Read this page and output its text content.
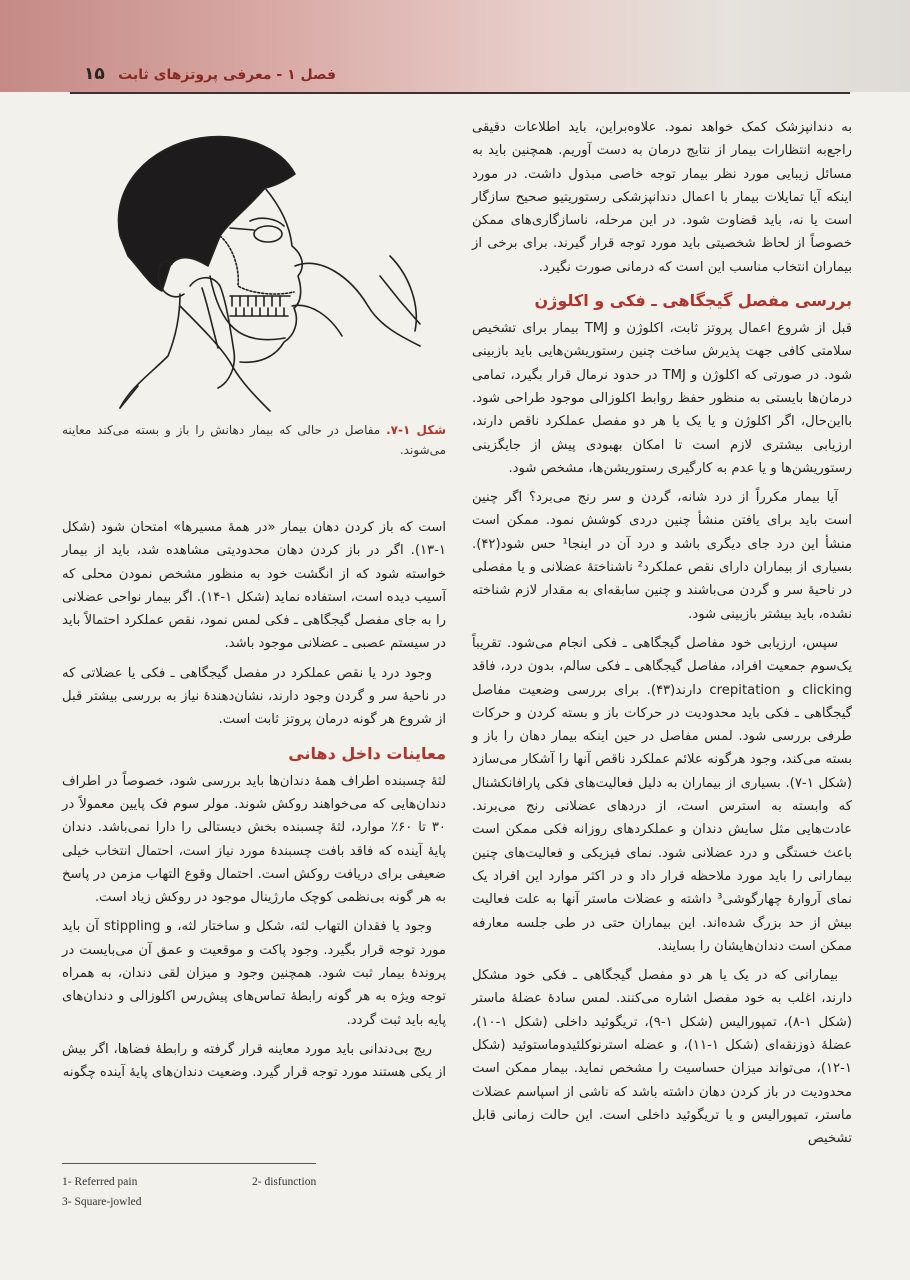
۱۵ فصل ۱ - معرفی پروتزهای ثابت
شکل ۱-۷. مفاصل در حالی که بیمار دهانش را باز و بسته می‌کند معاینه می‌شوند.

به دندانپزشک کمک خواهد نمود. علاوه‌براین، باید اطلاعات دقیقی راجع‌به انتظارات بیمار از نتایج درمان به دست آوریم. همچنین باید به مسائل زیبایی مورد نظر بیمار توجه خاصی مبذول داشت. در مورد اینکه آیا تمایلات بیمار با اعمال دندانپزشکی رستوریتیو صحیح سازگار است یا نه، باید قضاوت شود. در این مرحله، ناسازگاری‌های ممکن خصوصاً از لحاظ شخصیتی باید مورد توجه قرار گیرند. برای برخی از بیماران انتخاب مناسب این است که درمانی صورت نگیرد.

بررسی مفصل گیجگاهی ـ فکی و اکلوژن

قبل از شروع اعمال پروتز ثابت، اکلوژن و TMJ بیمار برای تشخیص سلامتی کافی جهت پذیرش ساخت چنین رستوریشن‌هایی باید بازبینی شود. در صورتی که اکلوژن و TMJ در حدود نرمال قرار بگیرد، تمامی درمان‌ها بایستی به منظور حفظ روابط اکلوزالی موجود طراحی شود. بااین‌حال، اگر اکلوژن و یا یک یا هر دو مفصل عملکرد ناقص دارند، ارزیابی بیشتری لازم است تا امکان بهبودی پیش از جایگزینی رستوریشن‌ها و یا عدم به کارگیری رستوریشن‌ها، مشخص شود.

آیا بیمار مکرراً از درد شانه، گردن و سر رنج می‌برد؟ اگر چنین است باید برای یافتن منشأ چنین دردی کوشش نمود. ممکن است منشأ این درد جای دیگری باشد و درد آن در اینجا¹ حس شود(۴۲). بسیاری از بیماران دارای نقص عملکرد² ناشناختهٔ عضلانی و یا مفصلی در ناحیهٔ سر و گردن می‌باشند و چنین سابقه‌ای به مقدار لازم شناخته نشده، باید بیشتر بازبینی شود.

سپس، ارزیابی خود مفاصل گیجگاهی ـ فکی انجام می‌شود. تقریباً یک‌سوم جمعیت افراد، مفاصل گیجگاهی ـ فکی سالم، بدون درد، فاقد clicking و crepitation دارند(۴۳). برای بررسی وضعیت مفاصل گیجگاهی ـ فکی باید محدودیت در حرکات باز و بسته کردن و حرکات طرفی بررسی شود. لمس مفاصل در حین اینکه بیمار دهان را باز و بسته می‌کند، وجود هرگونه علائم عملکرد ناقص آنها را آشکار می‌سازد (شکل ۱-۷). بسیاری از بیماران به دلیل فعالیت‌های فکی پارافانکشنال که وابسته به استرس است، از دردهای عضلانی رنج می‌برند. عادت‌هایی مثل سایش دندان و عملکردهای روزانه فکی ممکن است باعث خستگی و درد عضلانی شود. نمای فیزیکی و فعالیت‌های چنین بیمارانی را باید مورد ملاحظه قرار داد و در اکثر موارد این افراد یک نمای آروارهٔ چهارگوشی³ داشته و عضلات ماستر آنها به علت فعالیت بیش از حد بزرگ شده‌اند. این بیماران حتی در طی جلسه معارفه ممکن است دندان‌هایشان را بسایند.

بیمارانی که در یک یا هر دو مفصل گیجگاهی ـ فکی خود مشکل دارند، اغلب به خود مفصل اشاره می‌کنند. لمس سادهٔ عضلهٔ ماستر (شکل ۱-۸)، تمپورالیس (شکل ۱-۹)، تریگوئید داخلی (شکل ۱-۱۰)، عضلهٔ ذوزنقه‌ای (شکل ۱-۱۱)، و عضله استرنوکلئیدوماستوئید (شکل ۱-۱۲)، می‌تواند میزان حساسیت را مشخص نماید. بیمار ممکن است محدودیت در باز کردن دهان داشته باشد که ناشی از اسپاسم عضلات ماستر، تمپورالیس و یا تریگوئید داخلی است. این حالت زمانی قابل تشخیص

است که باز کردن دهان بیمار «در همهٔ مسیرها» امتحان شود (شکل ۱-۱۳). اگر در باز کردن دهان محدودیتی مشاهده شد، باید از بیمار خواسته شود که از انگشت خود به منظور مشخص نمودن محلی که آسیب دیده است، استفاده نماید (شکل ۱-۱۴). اگر بیمار نواحی عضلانی را به جای مفصل گیجگاهی ـ فکی لمس نمود، نقص عملکرد احتمالاً باید در سیستم عصبی ـ عضلانی موجود باشد.

وجود درد یا نقص عملکرد در مفصل گیجگاهی ـ فکی یا عضلاتی که در ناحیهٔ سر و گردن وجود دارند، نشان‌دهندهٔ نیاز به بررسی بیشتر قبل از شروع هر گونه درمان پروتز ثابت است.

معاینات داخل دهانی

لثهٔ چسبنده اطراف همهٔ دندان‌ها باید بررسی شود، خصوصاً در اطراف دندان‌هایی که می‌خواهند روکش شوند. مولر سوم فک پایین معمولاً در ۳۰ تا ۶۰٪ موارد، لثهٔ چسبنده بخش دیستالی را دارا نمی‌باشد. دندان پایهٔ آینده که فاقد بافت چسبندهٔ مورد نیاز است، احتمال انتخاب خیلی ضعیفی برای دریافت روکش است. احتمال وقوع التهاب مزمن در پاسخ به هر گونه بی‌نظمی کوچک مارژینال موجود در روکش زیاد است.

وجود یا فقدان التهاب لثه، شکل و ساختار لثه، و stippling آن باید مورد توجه قرار بگیرد. وجود پاکت و موقعیت و عمق آن می‌بایست در پروندهٔ بیمار ثبت شود. همچنین وجود و میزان لقی دندان، به همراه توجه ویژه به هر گونه رابطهٔ تماس‌های پیش‌رس اکلوزالی و دندان‌های پایه باید ثبت گردد.

ریج بی‌دندانی باید مورد معاینه قرار گرفته و رابطهٔ فضاها، اگر بیش از یکی هستند مورد توجه قرار گیرد. وضعیت دندان‌های پایهٔ آینده چگونه

1- Referred pain	2- disfunction
3- Square-jowled
